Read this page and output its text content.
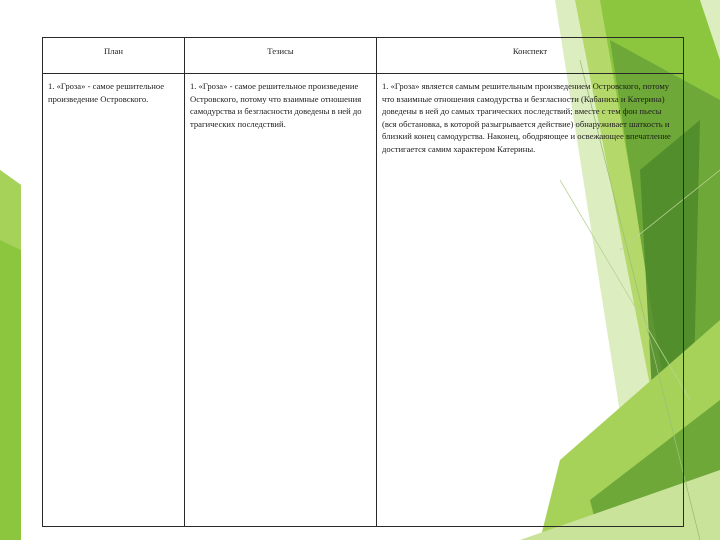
План	Тезисы	Конспект
1. «Гроза» - самое решительное произведение Островского.	1. «Гроза» - самое решительное произведение Островского, потому что взаимные отношения самодурства и безгласности доведены в ней до трагических последствий.	1. «Гроза» является самым решительным произведением Островского, потому что взаимные отношения самодурства и безгласности (Кабаниха и Катерина) доведены в ней до самых трагических последствий; вместе с тем фон пьесы (вся обстановка, в которой разыгрывается действие) обнаруживает шаткость и близкий конец самодурства. Наконец, ободряющее и освежающее впечатление достигается самим характером Катерины.
